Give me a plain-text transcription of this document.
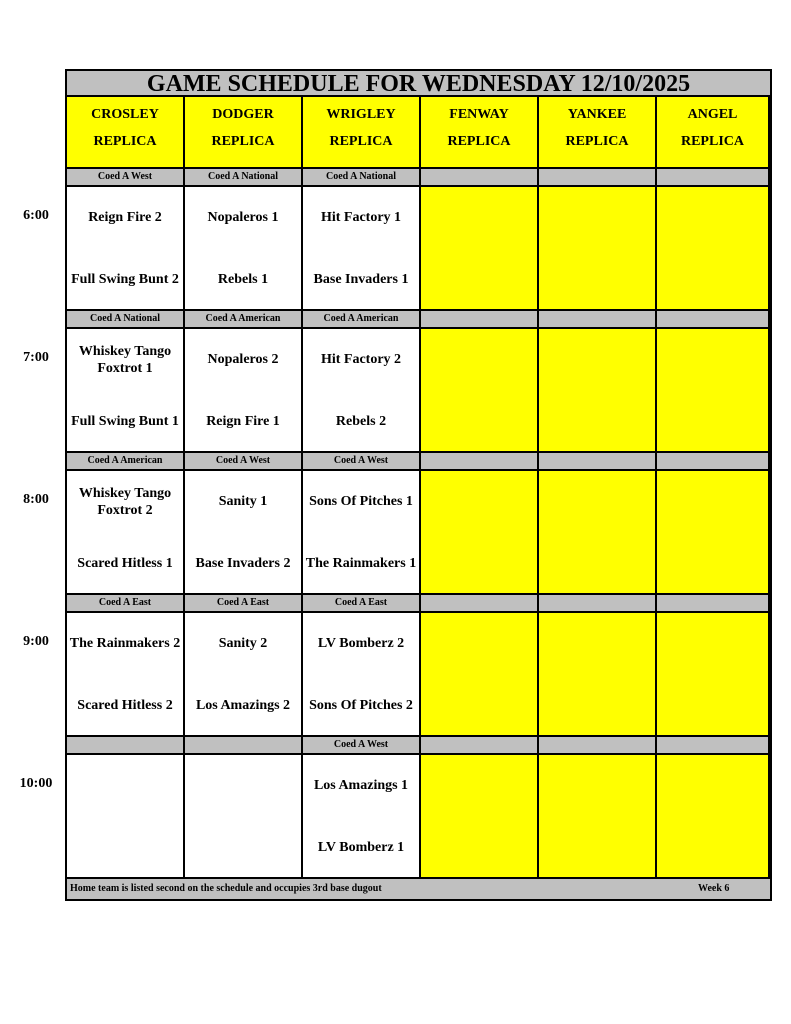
6:00
7:00
8:00
9:00
10:00
GAME SCHEDULE FOR WEDNESDAY 12/10/2025
CROSLEY
REPLICA
DODGER
REPLICA
WRIGLEY
REPLICA
FENWAY
REPLICA
YANKEE
REPLICA
ANGEL
REPLICA
Coed A West
Reign Fire 2
Full Swing Bunt 2
Coed A National
Nopaleros 1
Rebels 1
Coed A National
Hit Factory 1
Base Invaders 1
Coed A National
Whiskey Tango Foxtrot 1
Full Swing Bunt 1
Coed A American
Nopaleros 2
Reign Fire 1
Coed A American
Hit Factory 2
Rebels 2
Coed A American
Whiskey Tango Foxtrot 2
Scared Hitless 1
Coed A West
Sanity 1
Base Invaders 2
Coed A West
Sons Of Pitches 1
The Rainmakers 1
Coed A East
The Rainmakers 2
Scared Hitless 2
Coed A East
Sanity 2
Los Amazings 2
Coed A East
LV Bomberz 2
Sons Of Pitches 2
Coed A West
Los Amazings 1
LV Bomberz 1
Home team is listed second on the schedule and occupies 3rd base dugout	Week 6
